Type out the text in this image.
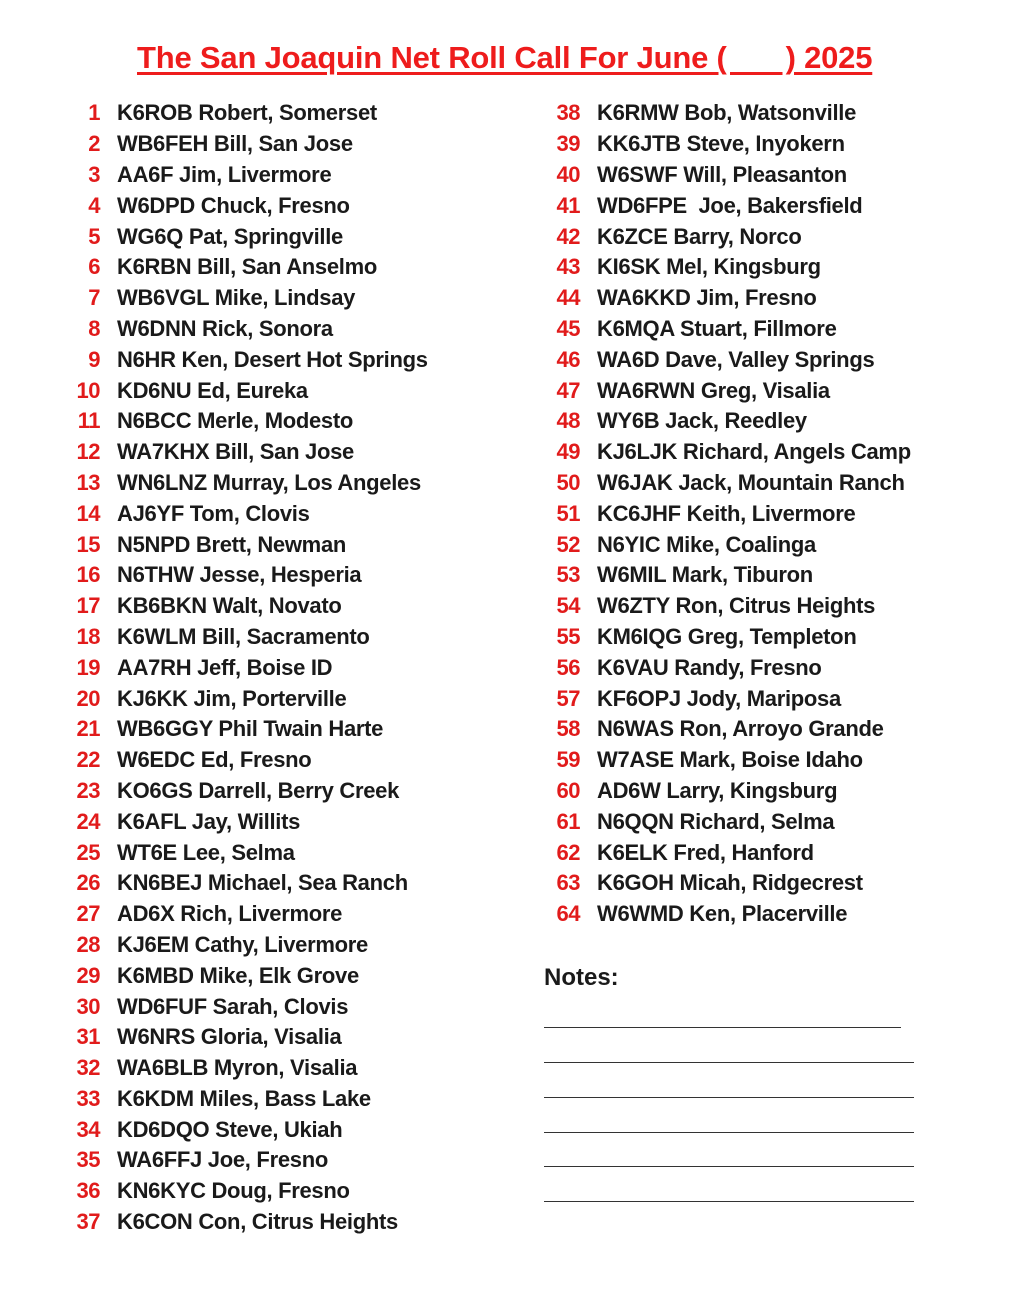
The San Joaquin Net Roll Call For June (       ) 2025
1 K6ROB Robert, Somerset
2 WB6FEH Bill, San Jose
3 AA6F Jim, Livermore
4 W6DPD Chuck, Fresno
5 WG6Q Pat, Springville
6 K6RBN Bill, San Anselmo
7 WB6VGL Mike, Lindsay
8 W6DNN Rick, Sonora
9 N6HR Ken, Desert Hot Springs
10 KD6NU Ed, Eureka
11 N6BCC Merle, Modesto
12 WA7KHX Bill, San Jose
13 WN6LNZ Murray, Los Angeles
14 AJ6YF Tom, Clovis
15 N5NPD Brett, Newman
16 N6THW Jesse, Hesperia
17 KB6BKN Walt, Novato
18 K6WLM Bill, Sacramento
19 AA7RH Jeff, Boise ID
20 KJ6KK Jim, Porterville
21 WB6GGY Phil Twain Harte
22 W6EDC Ed, Fresno
23 KO6GS Darrell, Berry Creek
24 K6AFL Jay, Willits
25 WT6E Lee, Selma
26 KN6BEJ Michael, Sea Ranch
27 AD6X Rich, Livermore
28 KJ6EM Cathy, Livermore
29 K6MBD Mike, Elk Grove
30 WD6FUF Sarah, Clovis
31 W6NRS Gloria, Visalia
32 WA6BLB Myron, Visalia
33 K6KDM Miles, Bass Lake
34 KD6DQO Steve, Ukiah
35 WA6FFJ Joe, Fresno
36 KN6KYC Doug, Fresno
37 K6CON Con, Citrus Heights
38 K6RMW Bob, Watsonville
39 KK6JTB Steve, Inyokern
40 W6SWF Will, Pleasanton
41 WD6FPE  Joe, Bakersfield
42 K6ZCE Barry, Norco
43 KI6SK Mel, Kingsburg
44 WA6KKD Jim, Fresno
45 K6MQA Stuart, Fillmore
46 WA6D Dave, Valley Springs
47 WA6RWN Greg, Visalia
48 WY6B Jack, Reedley
49 KJ6LJK Richard, Angels Camp
50 W6JAK Jack, Mountain Ranch
51 KC6JHF Keith, Livermore
52 N6YIC Mike, Coalinga
53 W6MIL Mark, Tiburon
54 W6ZTY Ron, Citrus Heights
55 KM6IQG Greg, Templeton
56 K6VAU Randy, Fresno
57 KF6OPJ Jody, Mariposa
58 N6WAS Ron, Arroyo Grande
59 W7ASE Mark, Boise Idaho
60 AD6W Larry, Kingsburg
61 N6QQN Richard, Selma
62 K6ELK Fred, Hanford
63 K6GOH Micah, Ridgecrest
64 W6WMD Ken, Placerville
Notes:
